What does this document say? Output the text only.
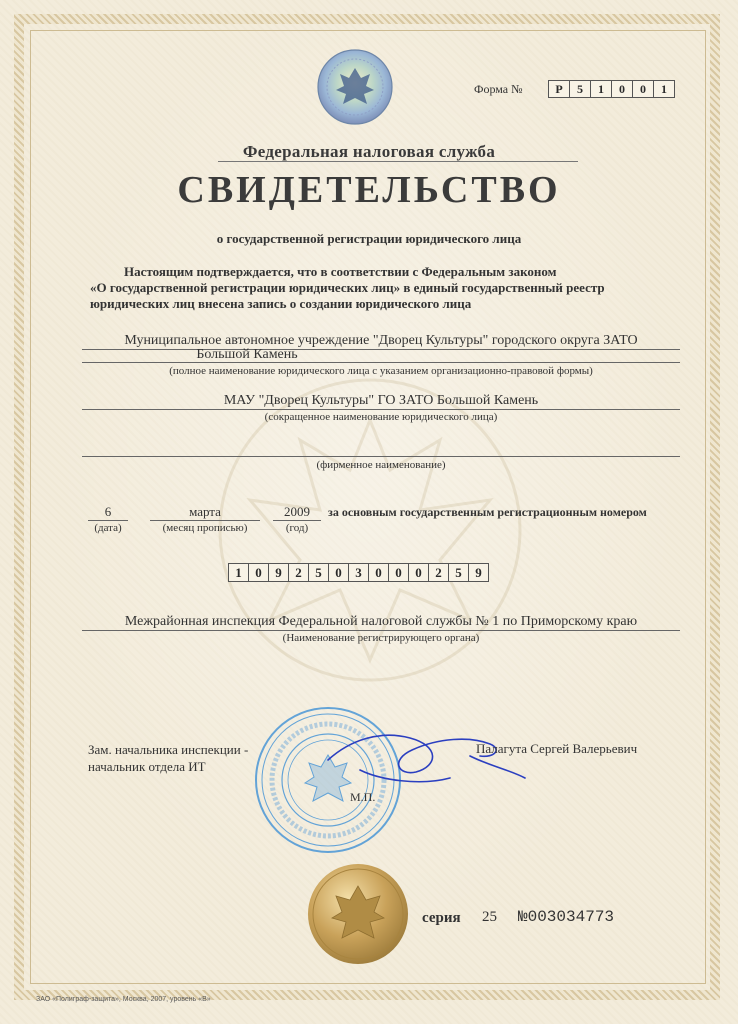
Форма №	Р	5	1	0	0	1
Федеральная налоговая служба
СВИДЕТЕЛЬСТВО
о государственной регистрации юридического лица
Настоящим подтверждается, что в соответствии с Федеральным законом
«О государственной регистрации юридических лиц» в единый государственный реестр
юридических лиц внесена запись о создании юридического лица
Муниципальное автономное учреждение "Дворец Культуры" городского округа ЗАТО
Большой Камень
(полное наименование юридического лица с указанием организационно-правовой формы)
МАУ "Дворец Культуры" ГО ЗАТО Большой Камень
(сокращенное наименование юридического лица)
(фирменное наименование)
6
(дата)
марта
(месяц прописью)
2009
(год)
за основным государственным регистрационным номером
1	0	9	2	5	0	3	0	0	0	2	5	9
Межрайонная инспекция Федеральной налоговой службы № 1 по Приморскому краю
(Наименование регистрирующего органа)
Зам. начальника инспекции -
начальник отдела ИТ
Палагута Сергей Валерьевич
М.П.
серия 25 №003034773
ЗАО «Полиграф-защита», Москва, 2007, уровень «В»
